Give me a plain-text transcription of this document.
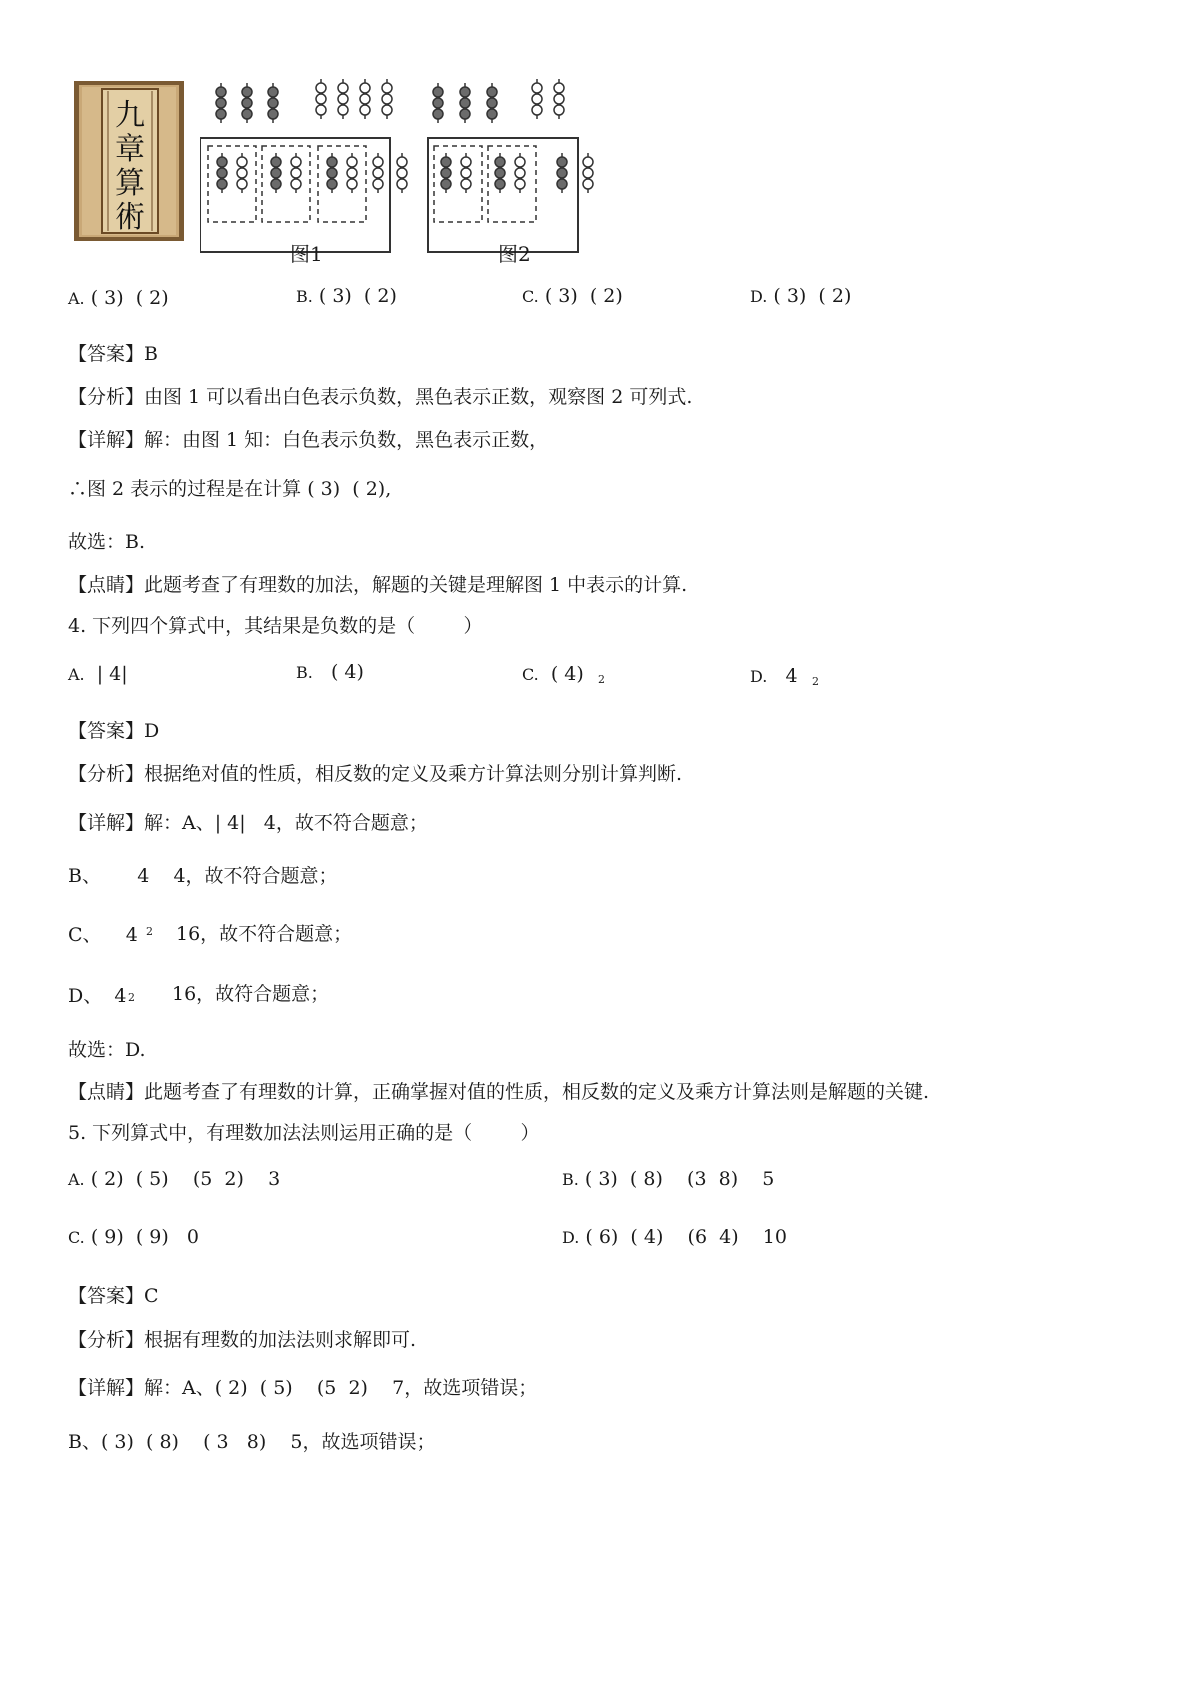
九
章
算
術
图1	图2
A. ( 3)  ( 2)	B. ( 3)  ( 2)	C. ( 3)  ( 2)	D. ( 3)  ( 2)
【答案】B
【分析】由图 1 可以看出白色表示负数，黑色表示正数，观察图 2 可列式.
【详解】解：由图 1 知：白色表示负数，黑色表示正数，
∴图 2 表示的过程是在计算 ( 3)  ( 2),
故选：B.
【点睛】此题考查了有理数的加法，解题的关键是理解图 1 中表示的计算.
4. 下列四个算式中，其结果是负数的是（        ）
A. | 4|	B. ( 4)	C. ( 4) 2	D. 4 2
【答案】D
【分析】根据绝对值的性质，相反数的定义及乘方计算法则分别计算判断.
【详解】解：A、| 4|   4，故不符合题意；
B、      4    4，故不符合题意；
C、    4 2 16，故不符合题意；
D、  4 2 16，故符合题意；
故选：D.
【点睛】此题考查了有理数的计算，正确掌握对值的性质，相反数的定义及乘方计算法则是解题的关键.
5. 下列算式中，有理数加法法则运用正确的是（        ）
A. ( 2)  ( 5)    (5  2)    3	B. ( 3)  ( 8)    (3  8)    5
C. ( 9)  ( 9)   0	D. ( 6)  ( 4)    (6  4)    10
【答案】C
【分析】根据有理数的加法法则求解即可.
【详解】解：A、( 2)  ( 5)    (5  2)    7，故选项错误；
B、( 3)  ( 8)    ( 3   8)    5，故选项错误；
